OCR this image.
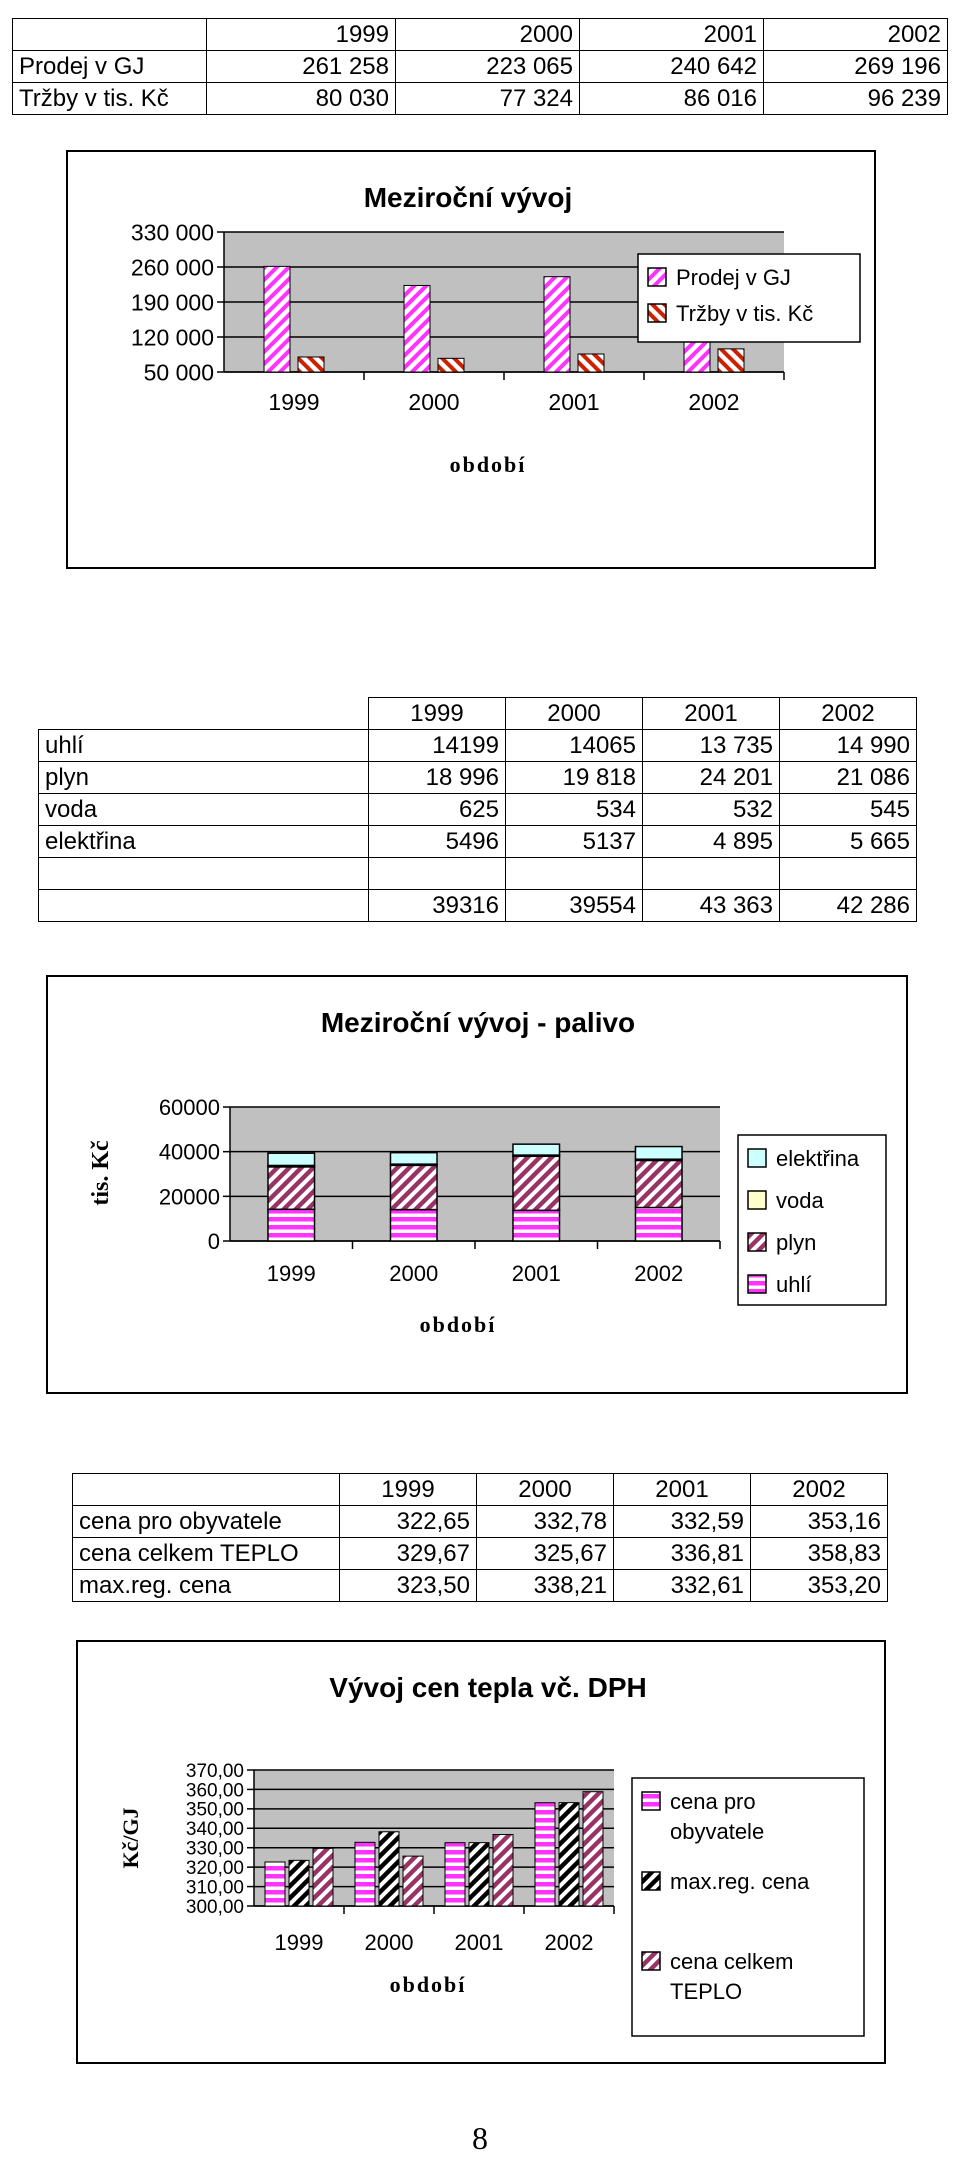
	1999	2000	2001	2002
Prodej v GJ	261 258	223 065	240 642	269 196
Tržby v tis. Kč	80 030	77 324	86 016	96 239
Meziroční vývoj
50 000
120 000
190 000
260 000
330 000
1999	2000	2001	2002
období
Prodej v GJ
Tržby v tis. Kč
	1999	2000	2001	2002
uhlí	14199	14065	13 735	14 990
plyn	18 996	19 818	24 201	21 086
voda	625	534	532	545
elektřina	5496	5137	4 895	5 665

	39316	39554	43 363	42 286
Meziroční vývoj - palivo
0
20000
40000
60000
1999	2000	2001	2002
období
tis. Kč	elektřina
voda
plyn
uhlí
	1999	2000	2001	2002
cena pro obyvatele	322,65	332,78	332,59	353,16
cena celkem TEPLO	329,67	325,67	336,81	358,83
max.reg. cena	323,50	338,21	332,61	353,20
Vývoj cen tepla vč. DPH
300,00
310,00
320,00
330,00
340,00
350,00
360,00
370,00
1999 2000 2001 2002
období
Kč/GJ
cena pro
obyvatele
max.reg. cena
cena celkem
TEPLO
8
